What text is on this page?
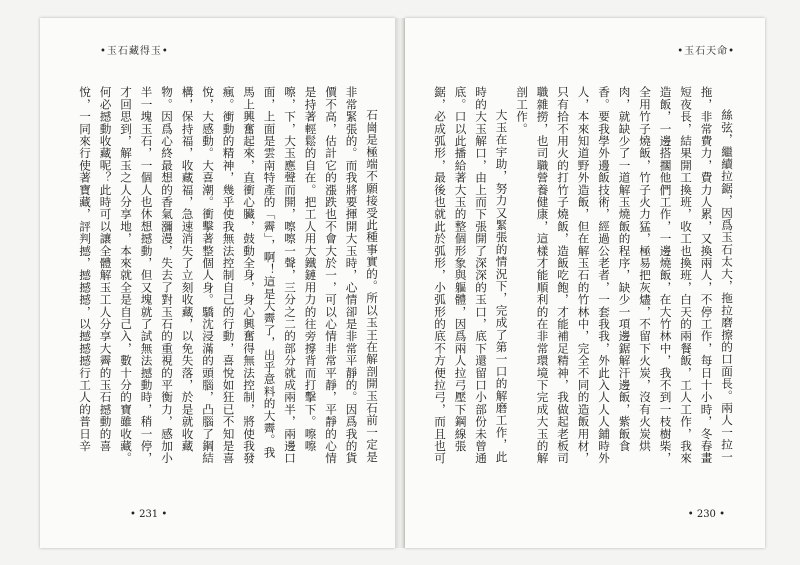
•玉石藏得玉•

石崗是極端不願接受此種事實的。所以玉王在解剖開玉石前一定是非常緊張的。而我將要揮開大玉時，心情卻是非常平靜的。因爲我的貨價不高，估計它的漲跌也不會大於一，可以心情非常平靜，平靜的心情是持著輕鬆的自在。把工人用大鐵鏈用力的往旁撐背而打擊下。嚓嚓嚓，下，大玉應聲而開，嚓嚓一聲，三分之二的部分就成兩半，兩邊口面，上面是雲南特產的「霽」，啊！這是大霽了，出乎意料的大霽。我馬上興奮起來，直衝心臟，鼓動全身，身心興奮得無法控制，將使我發瘋。衝動的精神，幾乎使我無法控制自己的行動，喜悅如狂已不知是喜悅，大感動。大喜潮。衝擊著整個人身。驕沈浸滿的頭腦，凸腦了鋼結構，保持福，收藏福，急速消失了立刻收藏，以免失落，於是就收藏物。因爲心終最想的香氣瀰漫，失去了對玉石的重視的平衡力，感加小半一塊玉石，一個人也休想撼動，但又塊就了試無法撼動時，稍一停，才回思到，解玉之人分享地，本來就全是自己入，數十分的寶雖收藏。何必撼動收藏呢？此時可以讓全體解玉工人分享大霽的玉石撼動的喜悅，一同來行使著寶藏，評判撼，撼撼撼，以撼撼撼行工人的普日辛

• 231 •
•玉石天命•

絲弦，繼續拉鋸，因爲玉石太大，拖拉磨擦的口面長。兩人一拉一拖，非常費力，費力人累，又換兩人，不停工作，每日十小時，冬春畫短夜長，結果開工換班，收工也換班，白天的兩餐飯，工人工作，我來造飯，一邊搭擱他們工作，一邊燒飯，在大竹林中，我不到一枝樹柴，全用竹子燒飯，竹子火力猛，極易把灰燼，不留下火炭，沒有火炭烘肉，就缺少了一道解玉燒飯的程序，缺少一項邊鋸解汗邊飯，紫飯食香。要我學外邊飯技術，經過公老者，一套我我，外此入人人人鋪時外人，本來知道野外造飯，但在解玉石的竹林中，完全不同的造飯用材，只有拾不用火的打竹子燒飯，造飯吃飽，才能補足精神，我做起老板司職雜撈，也司職營養健康，這樣才能順利的在非常環境下完成大玉的解剖工作。

大玉在宇助，努力又緊張的情況下，完成了第一口的解磨工作，此時的大玉解口，由上而下張開了深深的玉口，底下還留口小部份未曾通底。口以此播給著大玉的整個形象與軀體，因爲兩人拉弓壓下鋼線張鋸，必成弧形，最後也就此於弧形，小弧形的底不方便拉弓，而且也可

• 230 •
